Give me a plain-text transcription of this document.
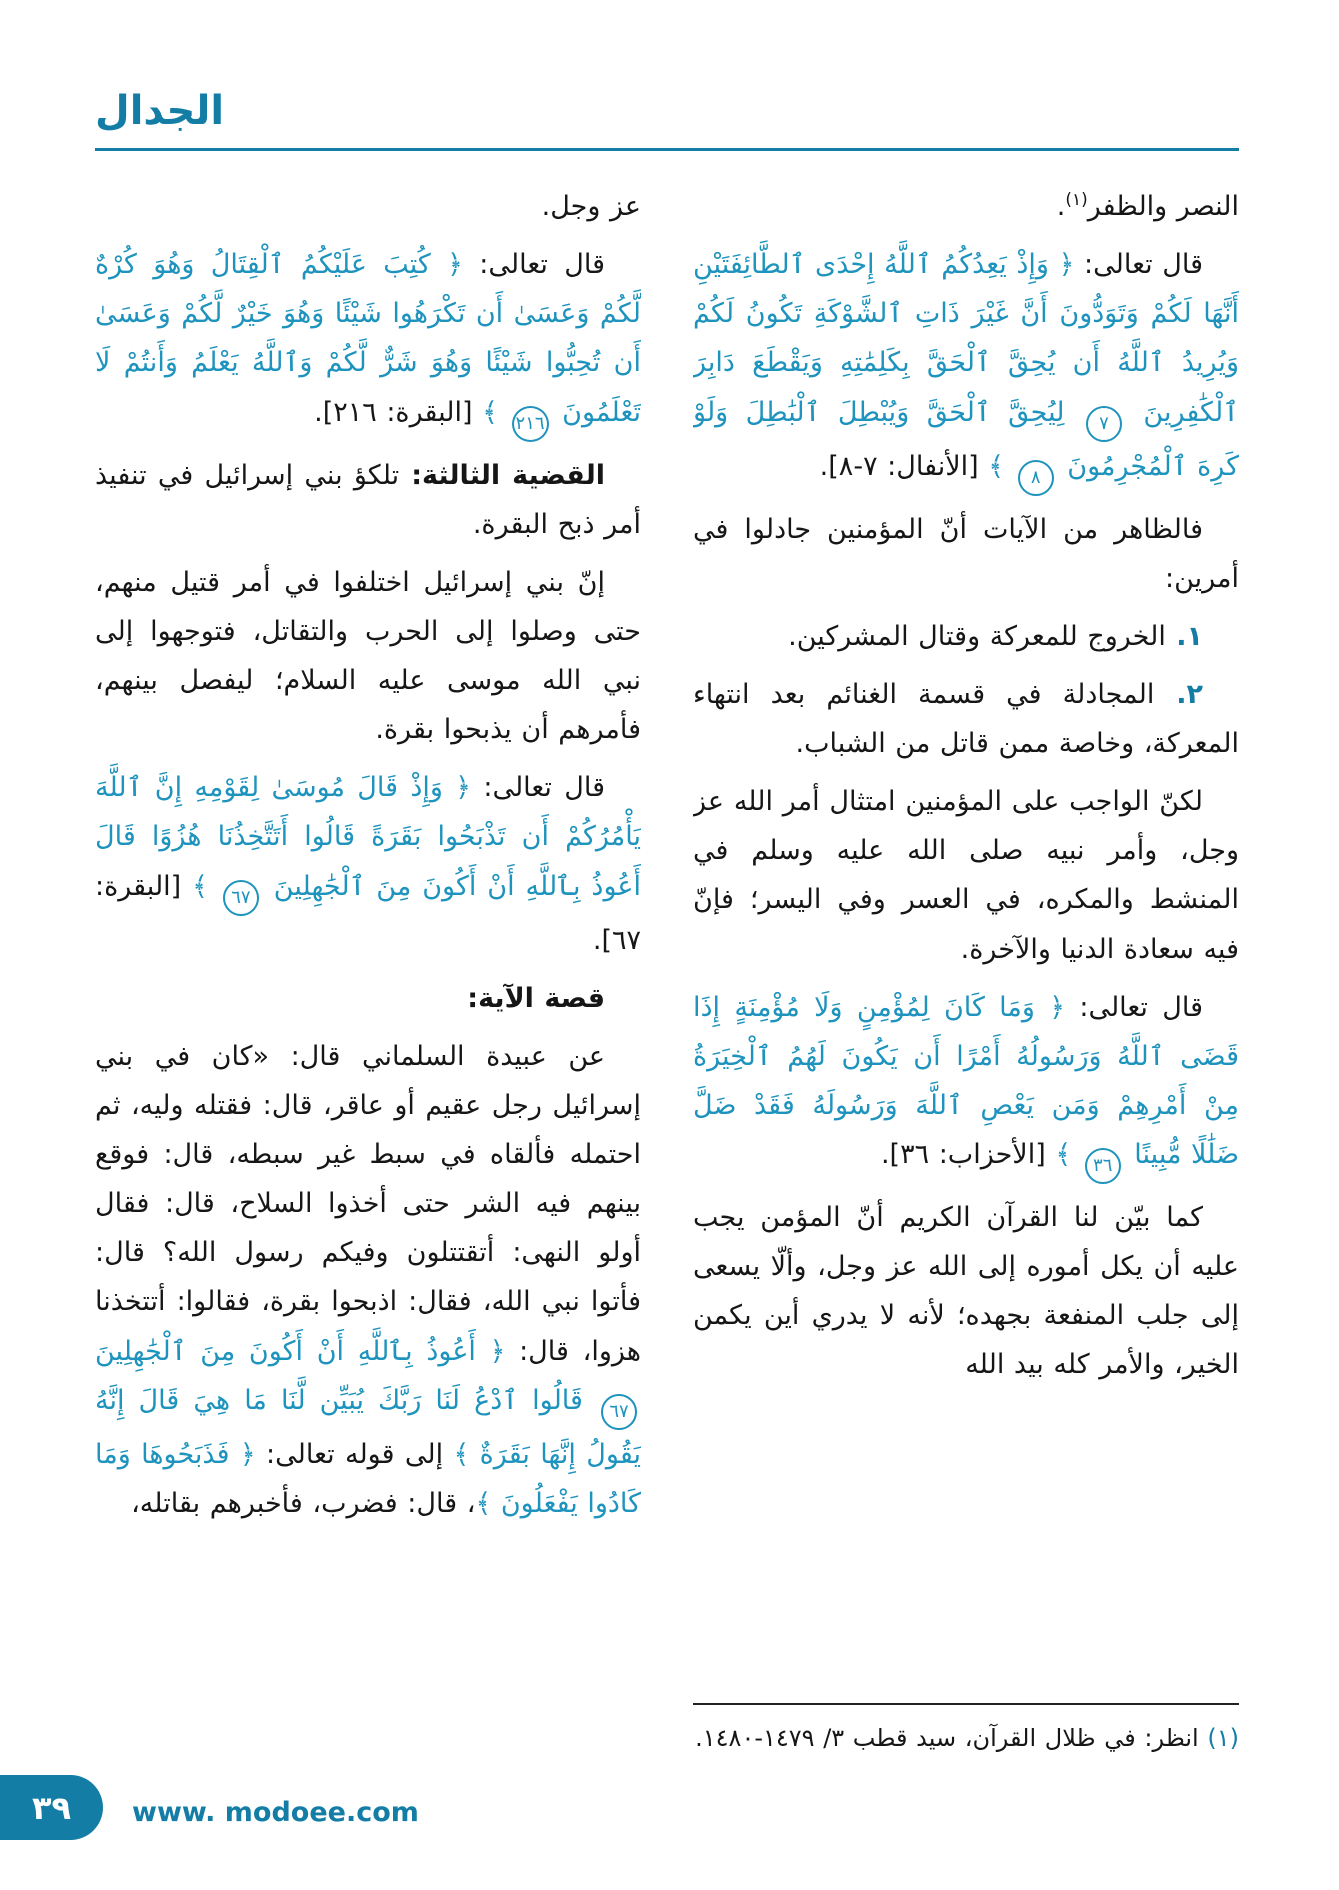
الجدال

النصر والظفر$^{(١)}$.

قال تعالى: ﴿ وَإِذْ يَعِدُكُمُ ٱللَّهُ إِحْدَى ٱلطَّائِفَتَيْنِ أَنَّهَا لَكُمْ وَتَوَدُّونَ أَنَّ غَيْرَ ذَاتِ ٱلشَّوْكَةِ تَكُونُ لَكُمْ وَيُرِيدُ ٱللَّهُ أَن يُحِقَّ ٱلْحَقَّ بِكَلِمَٰتِهِ وَيَقْطَعَ دَابِرَ ٱلْكَٰفِرِينَ ٧ لِيُحِقَّ ٱلْحَقَّ وَيُبْطِلَ ٱلْبَٰطِلَ وَلَوْ كَرِهَ ٱلْمُجْرِمُونَ ٨ ﴾ [الأنفال: ٧-٨].

فالظاهر من الآيات أنّ المؤمنين جادلوا في أمرين:

١. الخروج للمعركة وقتال المشركين.

٢. المجادلة في قسمة الغنائم بعد انتهاء المعركة، وخاصة ممن قاتل من الشباب.

لكنّ الواجب على المؤمنين امتثال أمر الله عز وجل، وأمر نبيه صلى الله عليه وسلم في المنشط والمكره، في العسر وفي اليسر؛ فإنّ فيه سعادة الدنيا والآخرة.

قال تعالى: ﴿ وَمَا كَانَ لِمُؤْمِنٍ وَلَا مُؤْمِنَةٍ إِذَا قَضَى ٱللَّهُ وَرَسُولُهُ أَمْرًا أَن يَكُونَ لَهُمُ ٱلْخِيَرَةُ مِنْ أَمْرِهِمْ وَمَن يَعْصِ ٱللَّهَ وَرَسُولَهُ فَقَدْ ضَلَّ ضَلَٰلًا مُّبِينًا ٣٦ ﴾ [الأحزاب: ٣٦].

كما بيّن لنا القرآن الكريم أنّ المؤمن يجب عليه أن يكل أموره إلى الله عز وجل، وألّا يسعى إلى جلب المنفعة بجهده؛ لأنه لا يدري أين يكمن الخير، والأمر كله بيد الله

(١) انظر: في ظلال القرآن، سيد قطب ٣/ ١٤٧٩-١٤٨٠.

عز وجل.

قال تعالى: ﴿ كُتِبَ عَلَيْكُمُ ٱلْقِتَالُ وَهُوَ كُرْهٌ لَّكُمْ وَعَسَىٰ أَن تَكْرَهُوا شَيْئًا وَهُوَ خَيْرٌ لَّكُمْ وَعَسَىٰ أَن تُحِبُّوا شَيْئًا وَهُوَ شَرٌّ لَّكُمْ وَٱللَّهُ يَعْلَمُ وَأَنتُمْ لَا تَعْلَمُونَ ٢١٦ ﴾ [البقرة: ٢١٦].

القضية الثالثة: تلكؤ بني إسرائيل في تنفيذ أمر ذبح البقرة.

إنّ بني إسرائيل اختلفوا في أمر قتيل منهم، حتى وصلوا إلى الحرب والتقاتل، فتوجهوا إلى نبي الله موسى عليه السلام؛ ليفصل بينهم، فأمرهم أن يذبحوا بقرة.

قال تعالى: ﴿ وَإِذْ قَالَ مُوسَىٰ لِقَوْمِهِ إِنَّ ٱللَّهَ يَأْمُرُكُمْ أَن تَذْبَحُوا بَقَرَةً قَالُوا أَتَتَّخِذُنَا هُزُوًا قَالَ أَعُوذُ بِٱللَّهِ أَنْ أَكُونَ مِنَ ٱلْجَٰهِلِينَ ٦٧ ﴾ [البقرة: ٦٧].

قصة الآية:

عن عبيدة السلماني قال: «كان في بني إسرائيل رجل عقيم أو عاقر، قال: فقتله وليه، ثم احتمله فألقاه في سبط غير سبطه، قال: فوقع بينهم فيه الشر حتى أخذوا السلاح، قال: فقال أولو النهى: أتقتتلون وفيكم رسول الله؟ قال: فأتوا نبي الله، فقال: اذبحوا بقرة، فقالوا: أتتخذنا هزوا، قال: ﴿ أَعُوذُ بِٱللَّهِ أَنْ أَكُونَ مِنَ ٱلْجَٰهِلِينَ ٦٧ قَالُوا ٱدْعُ لَنَا رَبَّكَ يُبَيِّن لَّنَا مَا هِيَ قَالَ إِنَّهُ يَقُولُ إِنَّهَا بَقَرَةٌ ﴾ إلى قوله تعالى: ﴿ فَذَبَحُوهَا وَمَا كَادُوا يَفْعَلُونَ ﴾، قال: فضرب، فأخبرهم بقاتله،

٣٩ www. modoee.com
